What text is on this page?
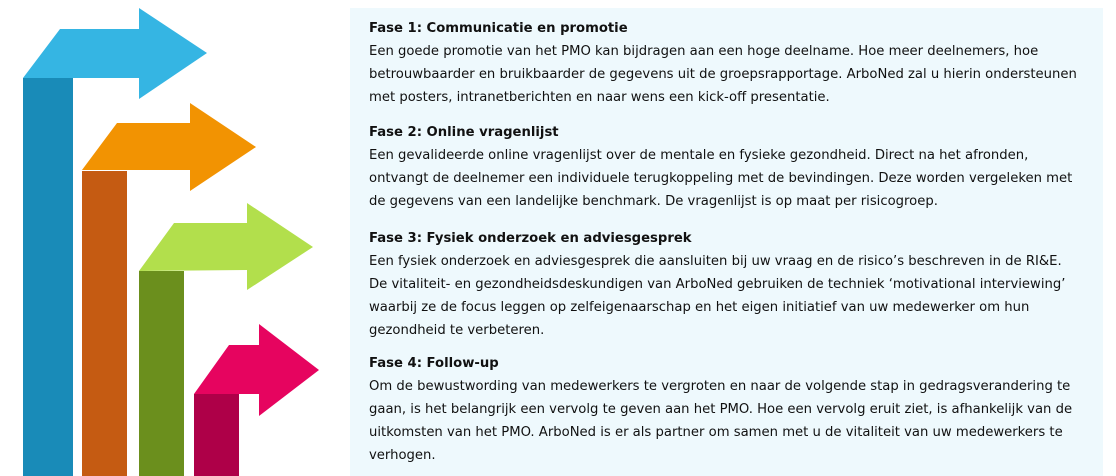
Fase 1: Communicatie en promotie
Een goede promotie van het PMO kan bijdragen aan een hoge deelname. Hoe meer deelnemers, hoe
betrouwbaarder en bruikbaarder de gegevens uit de groepsrapportage. ArboNed zal u hierin ondersteunen
met posters, intranetberichten en naar wens een kick-off presentatie.
Fase 2: Online vragenlijst
Een gevalideerde online vragenlijst over de mentale en fysieke gezondheid. Direct na het afronden,
ontvangt de deelnemer een individuele terugkoppeling met de bevindingen. Deze worden vergeleken met
de gegevens van een landelijke benchmark. De vragenlijst is op maat per risicogroep.
Fase 3: Fysiek onderzoek en adviesgesprek
Een fysiek onderzoek en adviesgesprek die aansluiten bij uw vraag en de risico’s beschreven in de RI&E.
De vitaliteit- en gezondheidsdeskundigen van ArboNed gebruiken de techniek ‘motivational interviewing’
waarbij ze de focus leggen op zelfeigenaarschap en het eigen initiatief van uw medewerker om hun
gezondheid te verbeteren.
Fase 4: Follow-up
Om de bewustwording van medewerkers te vergroten en naar de volgende stap in gedragsverandering te
gaan, is het belangrijk een vervolg te geven aan het PMO. Hoe een vervolg eruit ziet, is afhankelijk van de
uitkomsten van het PMO. ArboNed is er als partner om samen met u de vitaliteit van uw medewerkers te
verhogen.
